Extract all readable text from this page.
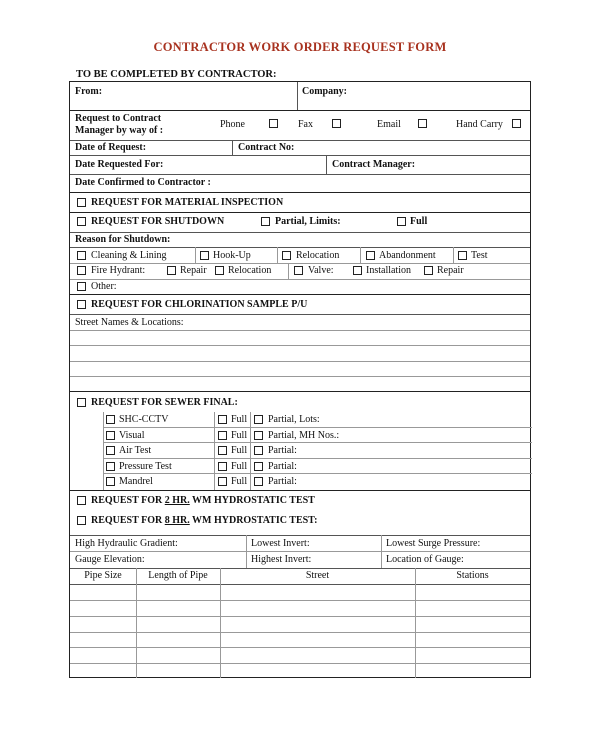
CONTRACTOR WORK ORDER REQUEST FORM
TO BE COMPLETED BY CONTRACTOR:
From:	Company:
Request to Contract
Manager by way of :
Phone	Fax	Email	Hand Carry
Date of Request:	Contract No:
Date Requested For:	Contract Manager:
Date Confirmed to Contractor :
REQUEST FOR MATERIAL INSPECTION
REQUEST FOR SHUTDOWN	Partial, Limits:	Full
Reason for Shutdown:
Cleaning & Lining	Hook-Up	Relocation	Abandonment	Test
Fire Hydrant:	Repair Relocation	Valve:	Installation	Repair
Other:
REQUEST FOR CHLORINATION SAMPLE P/U
Street Names & Locations:
REQUEST FOR SEWER FINAL:
SHC-CCTV	Full Partial, Lots:
Visual	Full Partial, MH Nos.:
Air Test	Full Partial:
Pressure Test	Full Partial:
Mandrel	Full Partial:
REQUEST FOR 2 HR. WM HYDROSTATIC TEST
REQUEST FOR 8 HR. WM HYDROSTATIC TEST:
High Hydraulic Gradient:	Lowest Invert:	Lowest Surge Pressure:
Gauge Elevation:	Highest Invert:	Location of Gauge:
Pipe Size	Length of Pipe	Street	Stations
